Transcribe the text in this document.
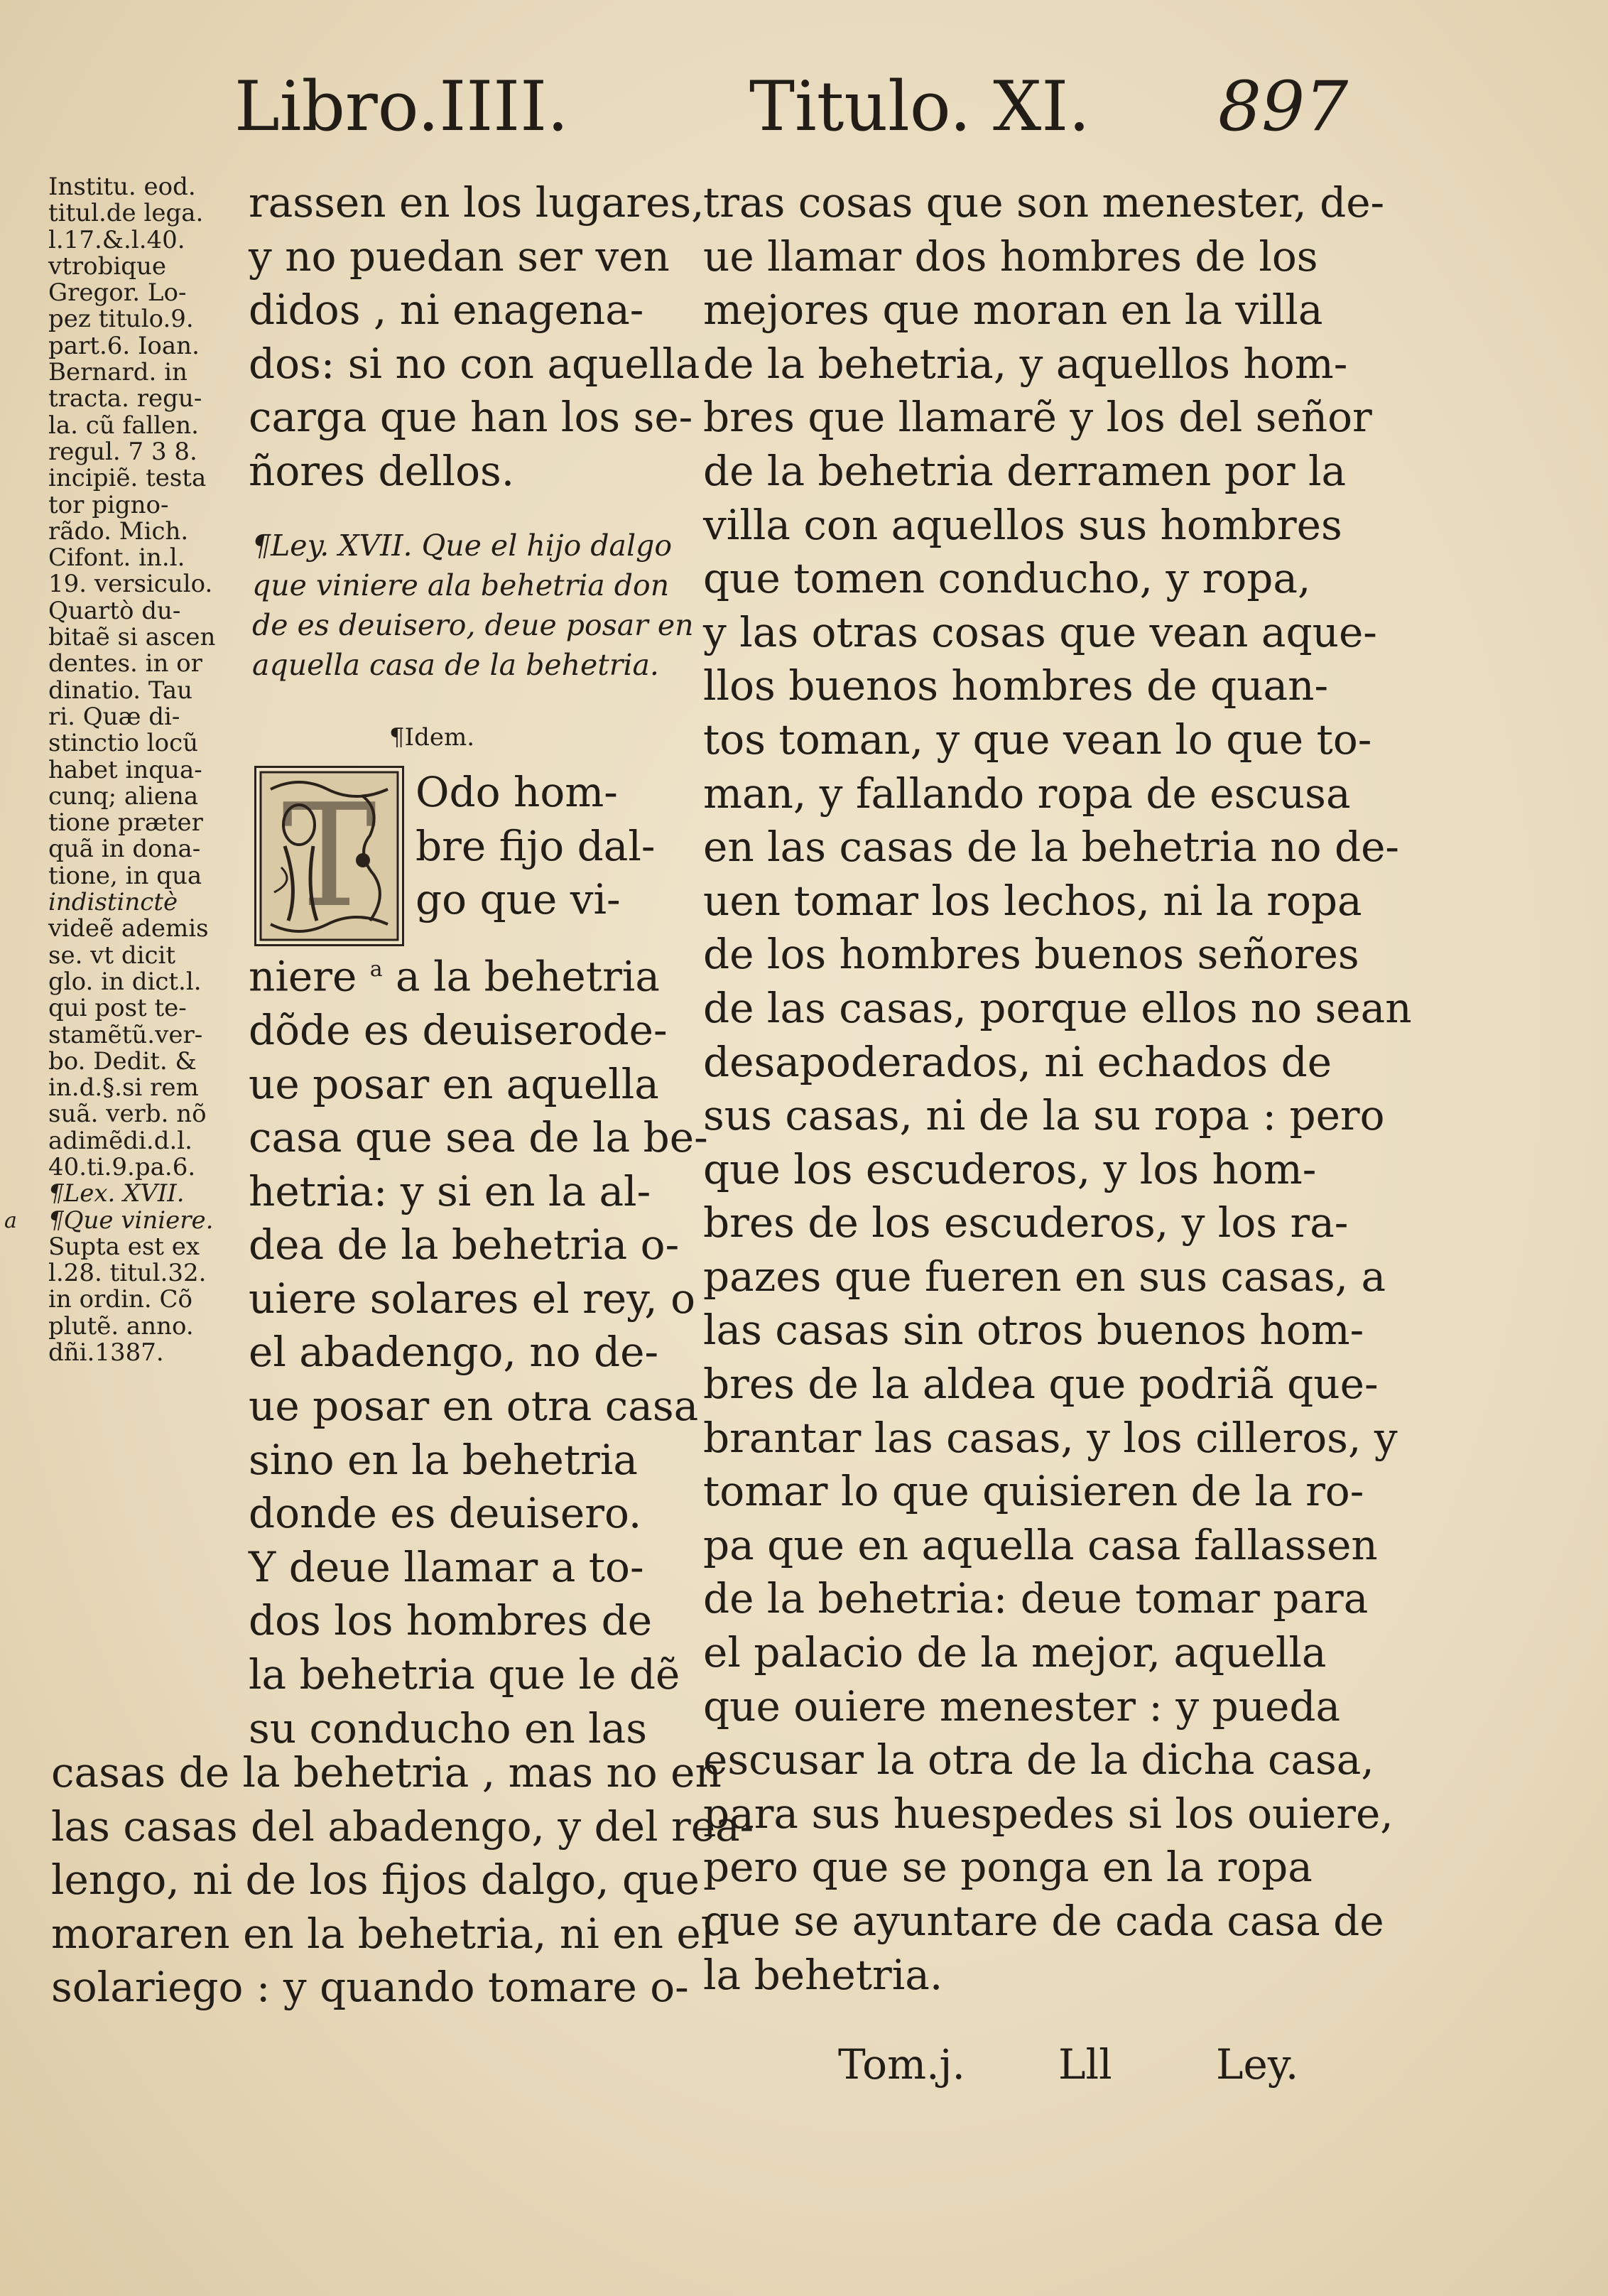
Libro.IIII.	Titulo. XI. 897
Institu. eod.
titul.de lega.
l.17.&.l.40.
vtrobique
Gregor. Lo-
pez titulo.9.
part.6. Ioan.
Bernard. in
tracta. regu-
la. cũ fallen.
regul. 7 3 8.
incipiẽ. testa
tor pigno-
rãdo. Mich.
Cifont. in.l.
19. versiculo.
Quartò du-
bitaẽ si ascen
dentes. in or
dinatio. Tau
ri. Quæ di-
stinctio locũ
habet inqua-
cunq; aliena
tione præter
quã in dona-
tione, in qua
indistinctè
videẽ ademis
se. vt dicit
glo. in dict.l.
qui post te-
stamẽtũ.ver-
bo. Dedit. &
in.d.§.si rem
suã. verb. nõ
adimẽdi.d.l.
40.ti.9.pa.6.
¶Lex. XVII.
a ¶Que viniere.
Supta est ex
l.28. titul.32.
in ordin. Cõ
plutẽ. anno.
dñi.1387.
rassen en los lugares,
y no puedan ser ven
didos , ni enagena-
dos: si no con aquella
carga que han los se-
ñores dellos.
¶Ley. XVII. Que el hijo dalgo
que viniere ala behetria don
de es deuisero, deue posar en
aquella casa de la behetria.
¶Idem.
T Odo hom-
bre fijo dal-
go que vi-
niere $^a$ a la behetria
dõde es deuiserode-
ue posar en aquella
casa que sea de la be-
hetria: y si en la al-
dea de la behetria o-
uiere solares el rey, o
el abadengo, no de-
ue posar en otra casa
sino en la behetria
donde es deuisero.
Y deue llamar a to-
dos los hombres de
la behetria que le dẽ
su conducho en las
casas de la behetria , mas no en
las casas del abadengo, y del rea-
lengo, ni de los fijos dalgo, que
moraren en la behetria, ni en el
solariego : y quando tomare o-
tras cosas que son menester, de-
ue llamar dos hombres de los
mejores que moran en la villa
de la behetria, y aquellos hom-
bres que llamarẽ y los del señor
de la behetria derramen por la
villa con aquellos sus hombres
que tomen conducho, y ropa,
y las otras cosas que vean aque-
llos buenos hombres de quan-
tos toman, y que vean lo que to-
man, y fallando ropa de escusa
en las casas de la behetria no de-
uen tomar los lechos, ni la ropa
de los hombres buenos señores
de las casas, porque ellos no sean
desapoderados, ni echados de
sus casas, ni de la su ropa : pero
que los escuderos, y los hom-
bres de los escuderos, y los ra-
pazes que fueren en sus casas, a
las casas sin otros buenos hom-
bres de la aldea que podriã que-
brantar las casas, y los cilleros, y
tomar lo que quisieren de la ro-
pa que en aquella casa fallassen
de la behetria: deue tomar para
el palacio de la mejor, aquella
que ouiere menester : y pueda
escusar la otra de la dicha casa,
para sus huespedes si los ouiere,
pero que se ponga en la ropa
que se ayuntare de cada casa de
la behetria.
Tom.j. Lll	Ley.
